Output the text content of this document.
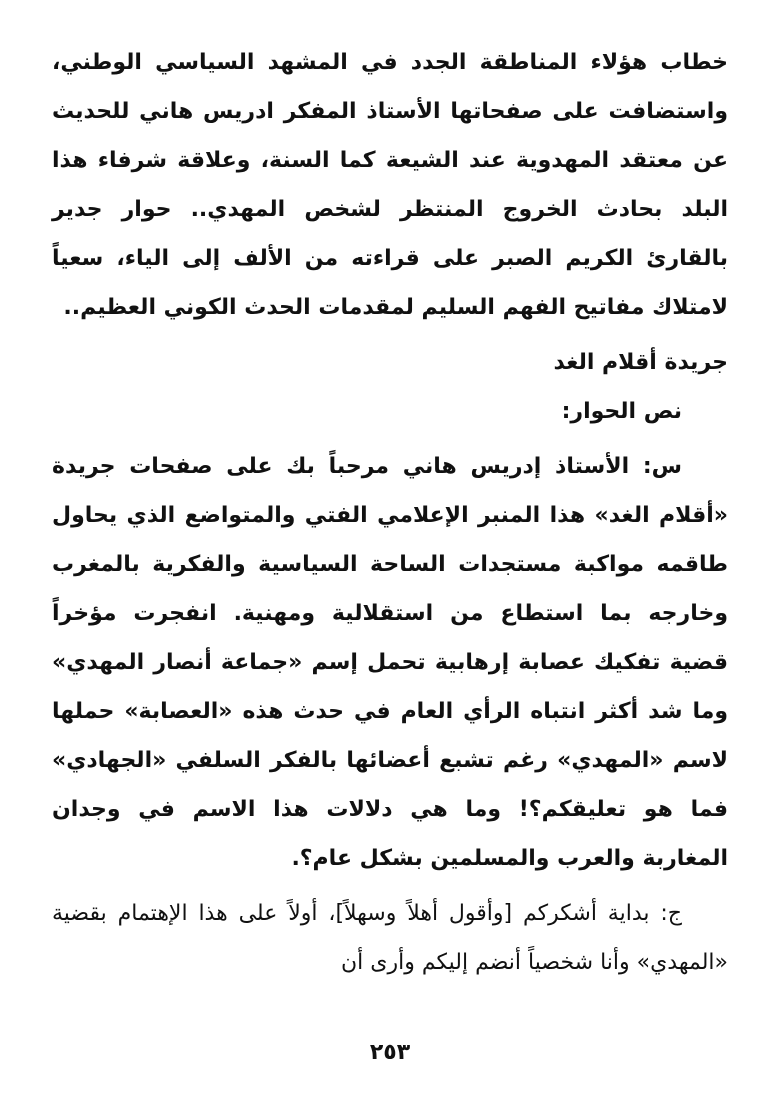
خطاب هؤلاء المناطقة الجدد في المشهد السياسي الوطني، واستضافت على صفحاتها الأستاذ المفكر ادريس هاني للحديث عن معتقد المهدوية عند الشيعة كما السنة، وعلاقة شرفاء هذا البلد بحادث الخروج المنتظر لشخص المهدي.. حوار جدير بالقارئ الكريم الصبر على قراءته من الألف إلى الياء، سعياً لامتلاك مفاتيح الفهم السليم لمقدمات الحدث الكوني العظيم..

جريدة أقلام الغد

نص الحوار:

س: الأستاذ إدريس هاني مرحباً بك على صفحات جريدة «أقلام الغد» هذا المنبر الإعلامي الفتي والمتواضع الذي يحاول طاقمه مواكبة مستجدات الساحة السياسية والفكرية بالمغرب وخارجه بما استطاع من استقلالية ومهنية. انفجرت مؤخراً قضية تفكيك عصابة إرهابية تحمل إسم «جماعة أنصار المهدي» وما شد أكثر انتباه الرأي العام في حدث هذه «العصابة» حملها لاسم «المهدي» رغم تشبع أعضائها بالفكر السلفي «الجهادي» فما هو تعليقكم؟! وما هي دلالات هذا الاسم في وجدان المغاربة والعرب والمسلمين بشكل عام؟.

ج: بداية أشكركم [وأقول أهلاً وسهلاً]، أولاً على هذا الإهتمام بقضية «المهدي» وأنا شخصياً أنضم إليكم وأرى أن

٢٥٣
